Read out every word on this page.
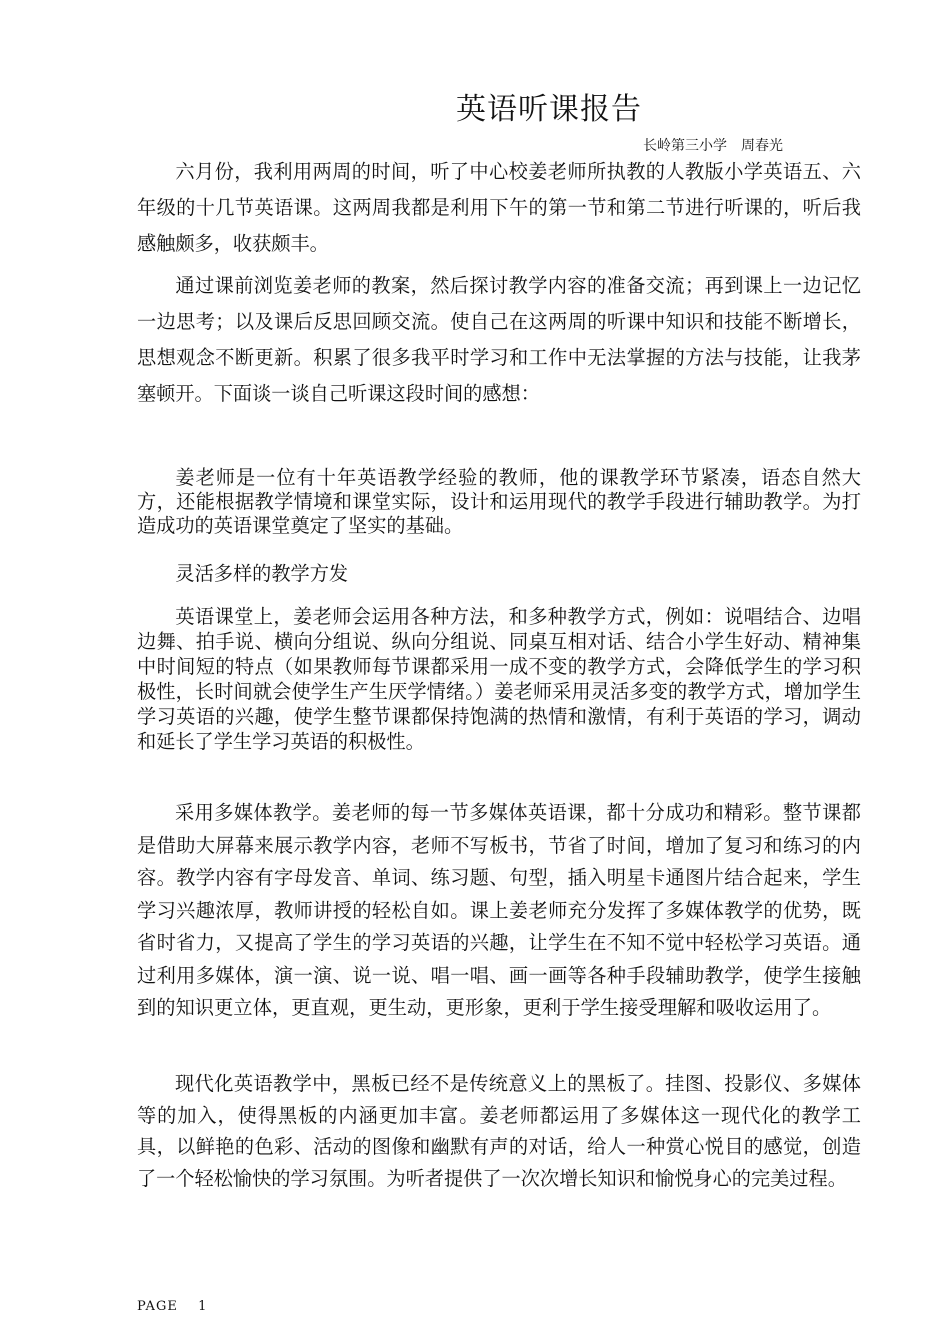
英语听课报告
长岭第三小学　周春光

六月份，我利用两周的时间，听了中心校姜老师所执教的人教版小学英语五、六年级的十几节英语课。这两周我都是利用下午的第一节和第二节进行听课的，听后我感触颇多，收获颇丰。

通过课前浏览姜老师的教案，然后探讨教学内容的准备交流；再到课上一边记忆一边思考；以及课后反思回顾交流。使自己在这两周的听课中知识和技能不断增长，思想观念不断更新。积累了很多我平时学习和工作中无法掌握的方法与技能，让我茅塞顿开。下面谈一谈自己听课这段时间的感想：

姜老师是一位有十年英语教学经验的教师，他的课教学环节紧凑，语态自然大方，还能根据教学情境和课堂实际，设计和运用现代的教学手段进行辅助教学。为打造成功的英语课堂奠定了坚实的基础。

灵活多样的教学方发

英语课堂上，姜老师会运用各种方法，和多种教学方式，例如：说唱结合、边唱边舞、拍手说、横向分组说、纵向分组说、同桌互相对话、结合小学生好动、精神集中时间短的特点（如果教师每节课都采用一成不变的教学方式，会降低学生的学习积极性，长时间就会使学生产生厌学情绪。）姜老师采用灵活多变的教学方式，增加学生学习英语的兴趣，使学生整节课都保持饱满的热情和激情，有利于英语的学习，调动和延长了学生学习英语的积极性。

采用多媒体教学。姜老师的每一节多媒体英语课，都十分成功和精彩。整节课都是借助大屏幕来展示教学内容，老师不写板书，节省了时间，增加了复习和练习的内容。教学内容有字母发音、单词、练习题、句型，插入明星卡通图片结合起来，学生学习兴趣浓厚，教师讲授的轻松自如。课上姜老师充分发挥了多媒体教学的优势，既省时省力，又提高了学生的学习英语的兴趣，让学生在不知不觉中轻松学习英语。通过利用多媒体，演一演、说一说、唱一唱、画一画等各种手段辅助教学，使学生接触到的知识更立体，更直观，更生动，更形象，更利于学生接受理解和吸收运用了。

现代化英语教学中，黑板已经不是传统意义上的黑板了。挂图、投影仪、多媒体等的加入，使得黑板的内涵更加丰富。姜老师都运用了多媒体这一现代化的教学工具，以鲜艳的色彩、活动的图像和幽默有声的对话，给人一种赏心悦目的感觉，创造了一个轻松愉快的学习氛围。为听者提供了一次次增长知识和愉悦身心的完美过程。

PAGE 1
